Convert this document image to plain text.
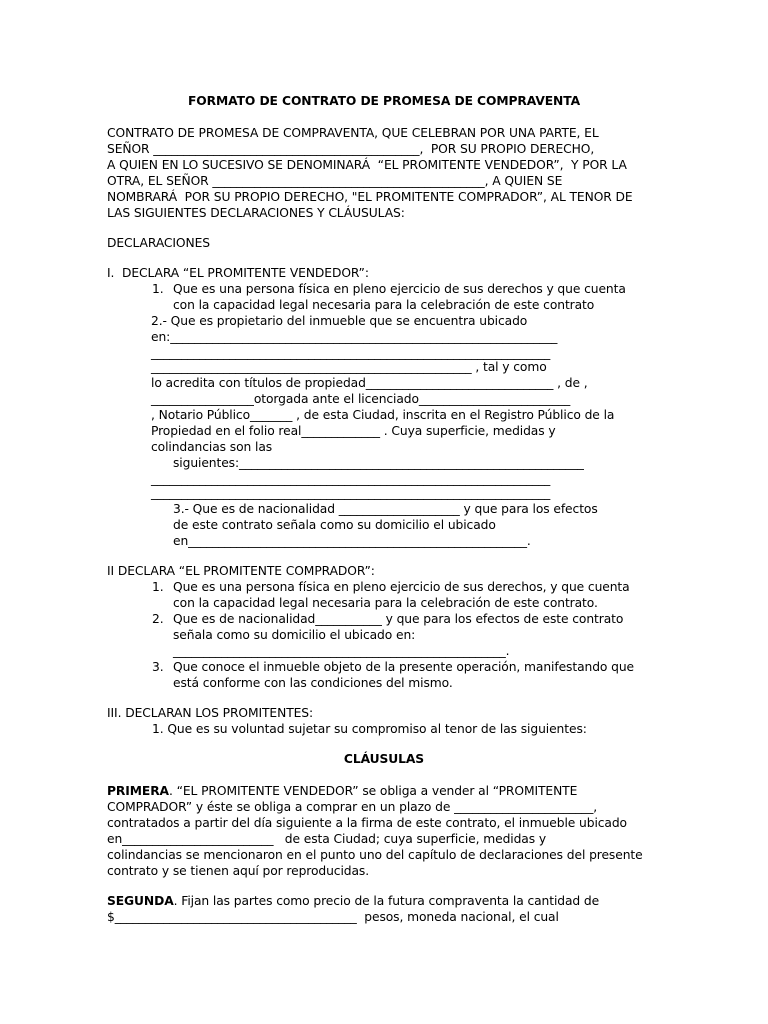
FORMATO DE CONTRATO DE PROMESA DE COMPRAVENTA
CONTRATO DE PROMESA DE COMPRAVENTA, QUE CELEBRAN POR UNA PARTE, EL
SEÑOR ____________________________________________,  POR SU PROPIO DERECHO,
A QUIEN EN LO SUCESIVO SE DENOMINARÁ  “EL PROMITENTE VENDEDOR”,  Y POR LA
OTRA, EL SEÑOR _____________________________________________, A QUIEN SE
NOMBRARÁ  POR SU PROPIO DERECHO, "EL PROMITENTE COMPRADOR”, AL TENOR DE
LAS SIGUIENTES DECLARACIONES Y CLÁUSULAS:
DECLARACIONES
I.  DECLARA “EL PROMITENTE VENDEDOR”:
1. Que es una persona física en pleno ejercicio de sus derechos y que cuenta
con la capacidad legal necesaria para la celebración de este contrato
2.- Que es propietario del inmueble que se encuentra ubicado
en:________________________________________________________________
__________________________________________________________________
_____________________________________________________ , tal y como
lo acredita con títulos de propiedad_______________________________ , de ,
_________________otorgada ante el licenciado_________________________
, Notario Público_______ , de esta Ciudad, inscrita en el Registro Público de la
Propiedad en el folio real_____________ . Cuya superficie, medidas y
colindancias son las
siguientes:_________________________________________________________
__________________________________________________________________
__________________________________________________________________
3.- Que es de nacionalidad ____________________ y que para los efectos
de este contrato señala como su domicilio el ubicado
en________________________________________________________.
II DECLARA “EL PROMITENTE COMPRADOR”:
1. Que es una persona física en pleno ejercicio de sus derechos, y que cuenta
con la capacidad legal necesaria para la celebración de este contrato.
2. Que es de nacionalidad___________ y que para los efectos de este contrato
señala como su domicilio el ubicado en:
_______________________________________________________.
3. Que conoce el inmueble objeto de la presente operación, manifestando que
está conforme con las condiciones del mismo.
III. DECLARAN LOS PROMITENTES:
1. Que es su voluntad sujetar su compromiso al tenor de las siguientes:
CLÁUSULAS
PRIMERA. “EL PROMITENTE VENDEDOR” se obliga a vender al “PROMITENTE
COMPRADOR” y éste se obliga a comprar en un plazo de _______________________,
contratados a partir del día siguiente a la firma de este contrato, el inmueble ubicado
en_________________________   de esta Ciudad; cuya superficie, medidas y
colindancias se mencionaron en el punto uno del capítulo de declaraciones del presente
contrato y se tienen aquí por reproducidas.
SEGUNDA. Fijan las partes como precio de la futura compraventa la cantidad de
$________________________________________  pesos, moneda nacional, el cual
